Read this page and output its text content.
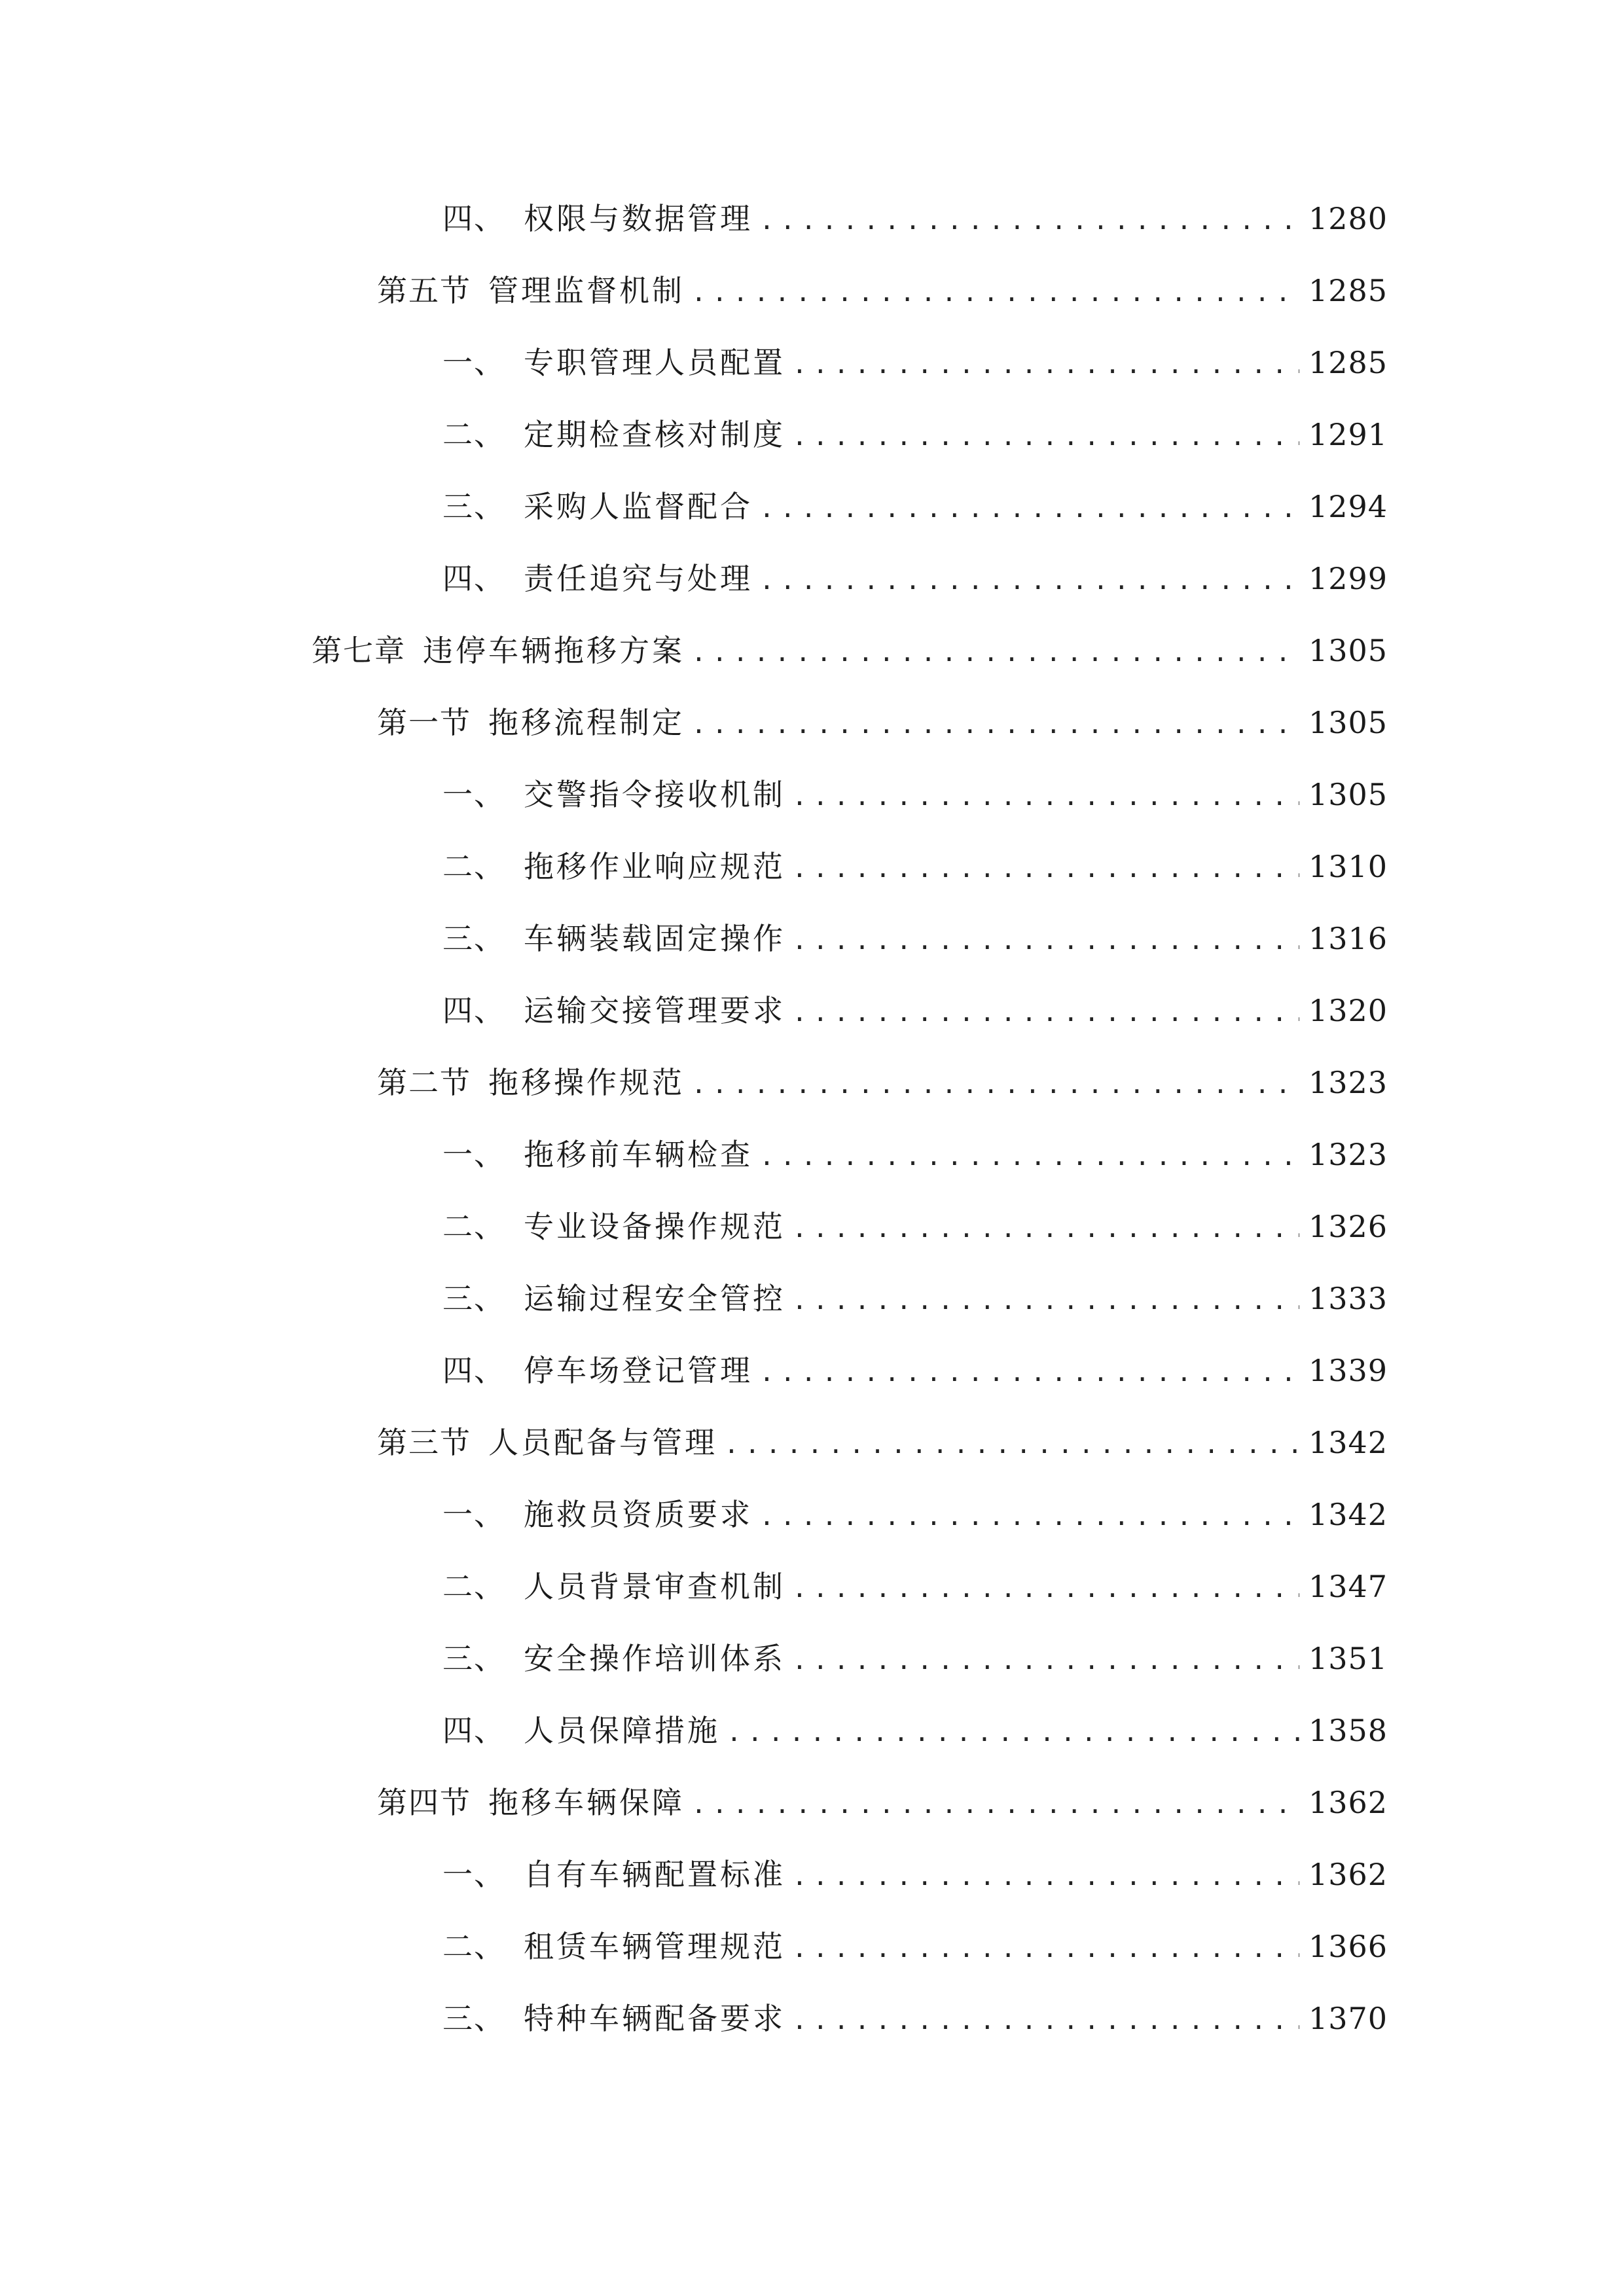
四、 权限与数据管理 .....	1280
第五节 管理监督机制 .....	1285
一、 专职管理人员配置 .....	1285
二、 定期检查核对制度 .....	1291
三、 采购人监督配合 .....	1294
四、 责任追究与处理 .....	1299
第七章 违停车辆拖移方案 .....	1305
第一节 拖移流程制定 .....	1305
一、 交警指令接收机制 .....	1305
二、 拖移作业响应规范 .....	1310
三、 车辆装载固定操作 .....	1316
四、 运输交接管理要求 .....	1320
第二节 拖移操作规范 .....	1323
一、 拖移前车辆检查 .....	1323
二、 专业设备操作规范 .....	1326
三、 运输过程安全管控 .....	1333
四、 停车场登记管理 .....	1339
第三节 人员配备与管理 .....	1342
一、 施救员资质要求 .....	1342
二、 人员背景审查机制 .....	1347
三、 安全操作培训体系 .....	1351
四、 人员保障措施 .....	1358
第四节 拖移车辆保障 .....	1362
一、 自有车辆配置标准 .....	1362
二、 租赁车辆管理规范 .....	1366
三、 特种车辆配备要求 .....	1370
